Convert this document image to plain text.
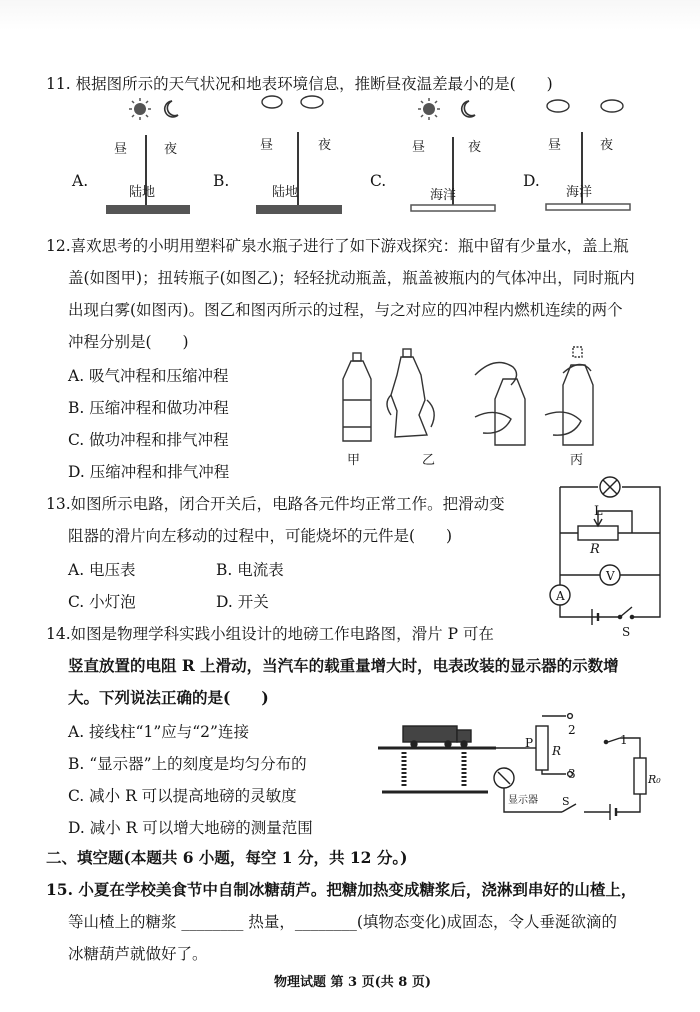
11. 根据图所示的天气状况和地表环境信息，推断昼夜温差最小的是(　　)
A.
昼	夜
陆地
B.
昼	夜
陆地
C.
昼	夜
海洋
D.
昼	夜
海洋
12.喜欢思考的小明用塑料矿泉水瓶子进行了如下游戏探究：瓶中留有少量水，盖上瓶
盖(如图甲)；扭转瓶子(如图乙)；轻轻扰动瓶盖，瓶盖被瓶内的气体冲出，同时瓶内
出现白雾(如图丙)。图乙和图丙所示的过程，与之对应的四冲程内燃机连续的两个
冲程分别是(　　)
A. 吸气冲程和压缩冲程
B. 压缩冲程和做功冲程
C. 做功冲程和排气冲程
D. 压缩冲程和排气冲程
甲	乙	丙
13.如图所示电路，闭合开关后，电路各元件均正常工作。把滑动变
阻器的滑片向左移动的过程中，可能烧坏的元件是(　　)
A. 电压表	B. 电流表
C. 小灯泡	D. 开关
L
R
V
A
S
14.如图是物理学科实践小组设计的地磅工作电路图，滑片 P 可在
竖直放置的电阻 R 上滑动，当汽车的载重量增大时，电表改装的显示器的示数增
大。下列说法正确的是(　　)
A. 接线柱“1”应与“2”连接
B. “显示器”上的刻度是均匀分布的
C. 减小 R 可以提高地磅的灵敏度
D. 减小 R 可以增大地磅的测量范围
P
R
2
3
1
显示器 S
R₀
二、填空题(本题共 6 小题，每空 1 分，共 12 分。)
15. 小夏在学校美食节中自制冰糖葫芦。把糖加热变成糖浆后，浇淋到串好的山楂上，
等山楂上的糖浆 ________ 热量，________(填物态变化)成固态，令人垂涎欲滴的
冰糖葫芦就做好了。
物理试题 第 3 页(共 8 页)
